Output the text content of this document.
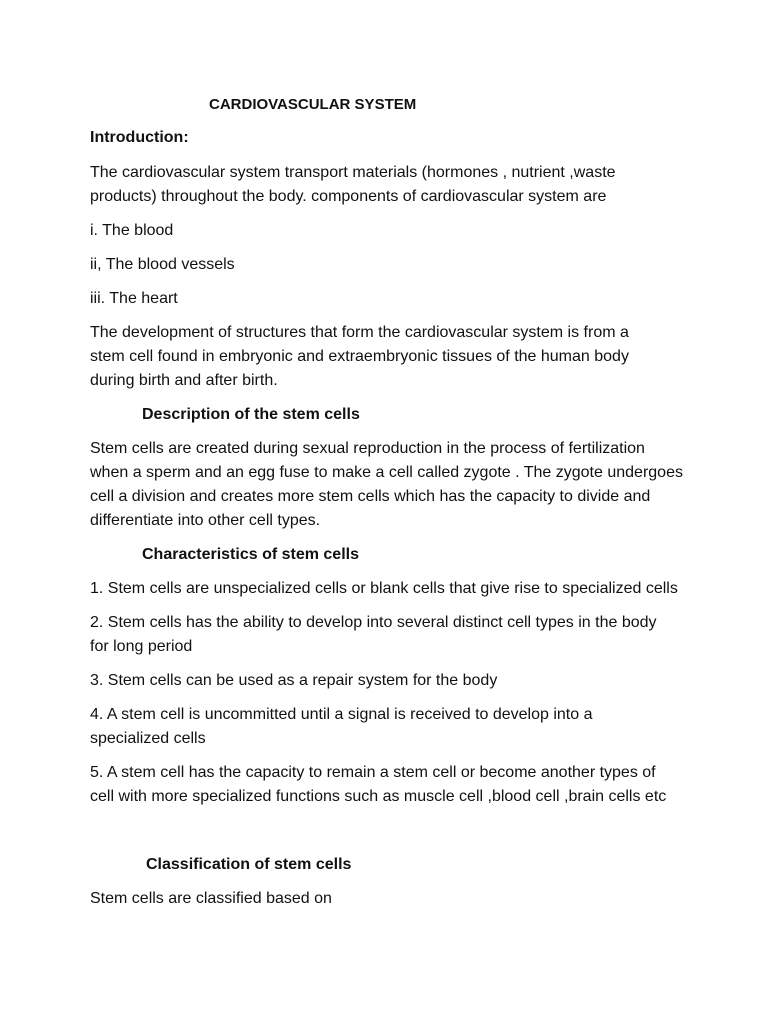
CARDIOVASCULAR SYSTEM
Introduction:
The cardiovascular system transport materials (hormones , nutrient ,waste
products) throughout the body. components of cardiovascular system are
i. The blood
ii, The blood vessels
iii. The heart
The development of structures that form the cardiovascular system is from a
stem cell found in embryonic and extraembryonic tissues of the human body
during birth and after birth.
Description of the stem cells
Stem cells are created during sexual reproduction in the process of fertilization
when a sperm and an egg fuse to make a cell called zygote . The zygote undergoes
cell a division and creates more stem cells which has the capacity to divide and
differentiate into other cell types.
Characteristics of stem cells
1. Stem cells are unspecialized cells or blank cells that give rise to specialized cells
2. Stem cells has the ability to develop into several distinct cell types in the body
for long period
3. Stem cells can be used as a repair system for the body
4. A stem cell is uncommitted until a signal is received to develop into a
specialized cells
5. A stem cell has the capacity to remain a stem cell or become another types of
cell with more specialized functions such as muscle cell ,blood cell ,brain cells etc
Classification of stem cells
Stem cells are classified based on
